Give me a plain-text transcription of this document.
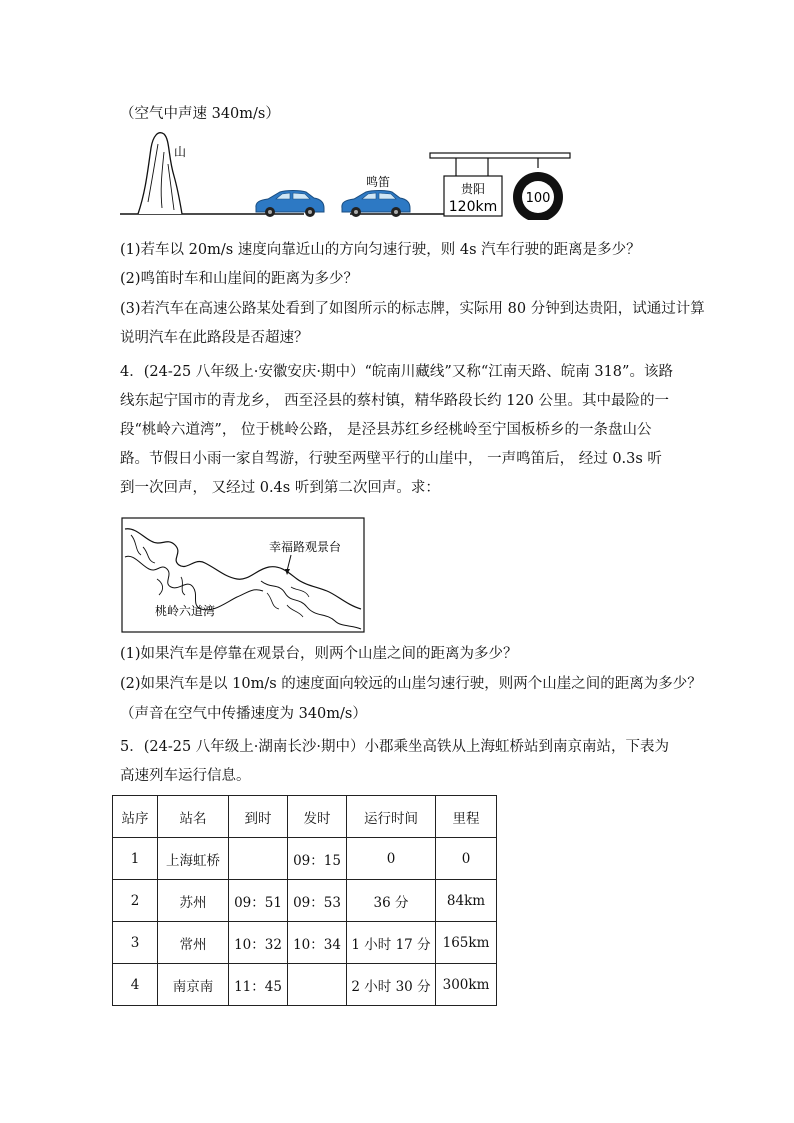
（空气中声速 340m/s）
山
鸣笛	贵阳
120km
100
(1)若车以 20m/s 速度向靠近山的方向匀速行驶，则 4s 汽车行驶的距离是多少？
(2)鸣笛时车和山崖间的距离为多少？
(3)若汽车在高速公路某处看到了如图所示的标志牌，实际用 80 分钟到达贵阳，试通过计算
说明汽车在此路段是否超速？
4．(24-25 八年级上·安徽安庆·期中）“皖南川藏线”又称“江南天路、皖南 318”。该路线东起宁国市的青龙乡， 西至泾县的蔡村镇，精华路段长约 120 公里。其中最险的一段“桃岭六道湾”， 位于桃岭公路， 是泾县苏红乡经桃岭至宁国板桥乡的一条盘山公路。节假日小雨一家自驾游，行驶至两壁平行的山崖中， 一声鸣笛后， 经过 0.3s 听到一次回声， 又经过 0.4s 听到第二次回声。求：
幸福路观景台
桃岭六道湾
(1)如果汽车是停靠在观景台，则两个山崖之间的距离为多少？
(2)如果汽车是以 10m/s 的速度面向较远的山崖匀速行驶，则两个山崖之间的距离为多少？
（声音在空气中传播速度为 340m/s）
5．(24-25 八年级上·湖南长沙·期中）小郡乘坐高铁从上海虹桥站到南京南站，下表为高速列车运行信息。
站序	站名	到时	发时	运行时间	里程
1	上海虹桥		09：15	0	0
2	苏州	09：51	09：53	36 分	84km
3	常州	10：32	10：34	1 小时 17 分	165km
4	南京南	11：45		2 小时 30 分	300km
